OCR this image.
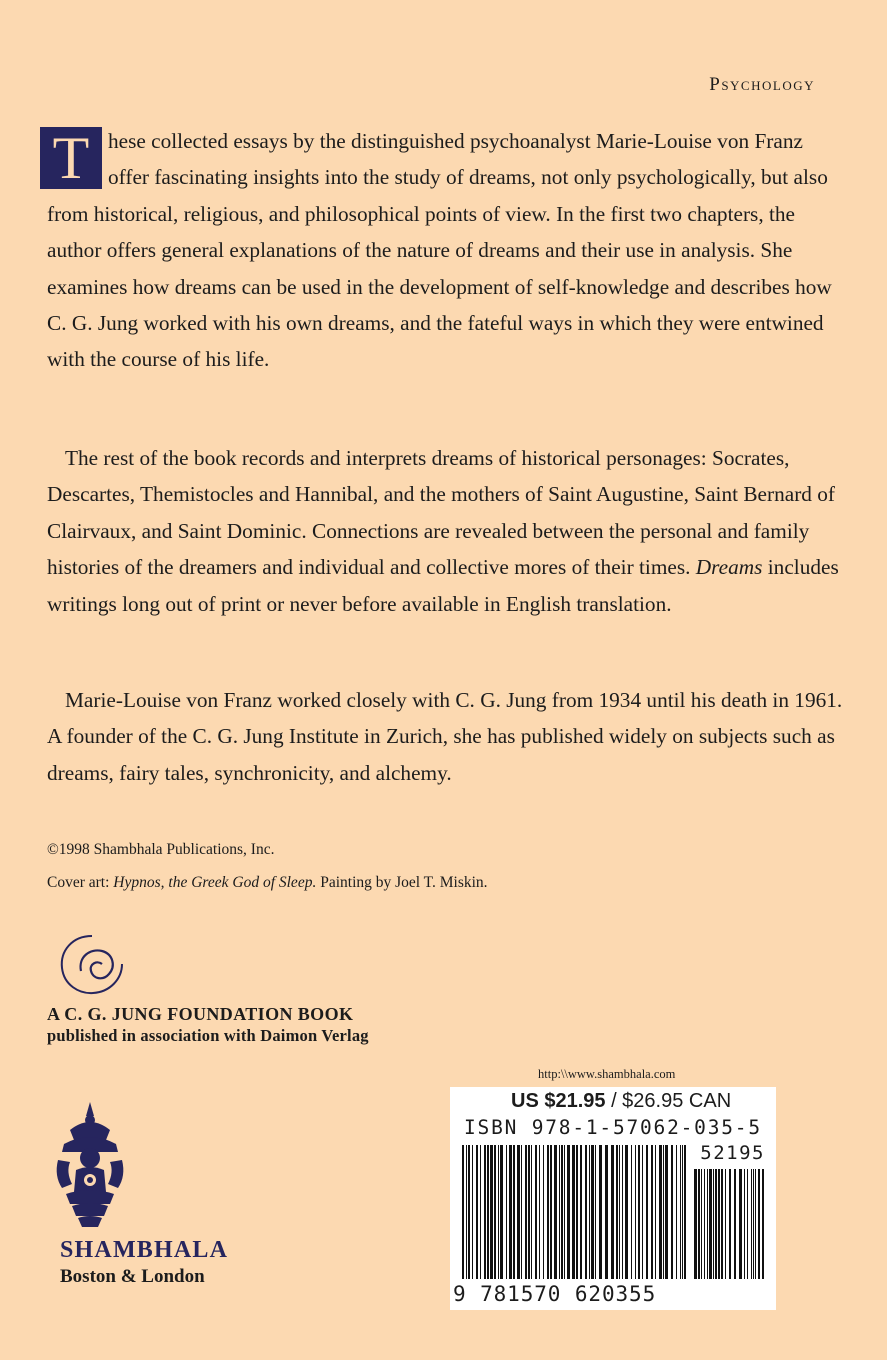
Psychology
T hese collected essays by the distinguished psychoanalyst Marie-Louise von Franz offer fascinating insights into the study of dreams, not only psychologically, but also from historical, religious, and philosophical points of view. In the first two chapters, the author offers general explanations of the nature of dreams and their use in analysis. She examines how dreams can be used in the development of self-knowledge and describes how C. G. Jung worked with his own dreams, and the fateful ways in which they were entwined with the course of his life.
The rest of the book records and interprets dreams of historical personages: Socrates, Descartes, Themistocles and Hannibal, and the mothers of Saint Augustine, Saint Bernard of Clairvaux, and Saint Dominic. Connections are revealed between the personal and family histories of the dreamers and individual and collective mores of their times. Dreams includes writings long out of print or never before available in English translation.
Marie-Louise von Franz worked closely with C. G. Jung from 1934 until his death in 1961. A founder of the C. G. Jung Institute in Zurich, she has published widely on subjects such as dreams, fairy tales, synchronicity, and alchemy.
©1998 Shambhala Publications, Inc.
Cover art: Hypnos, the Greek God of Sleep. Painting by Joel T. Miskin.
A C. G. JUNG FOUNDATION BOOK
published in association with Daimon Verlag
SHAMBHALA
Boston & London
http:\\www.shambhala.com
US $21.95 / $26.95 CAN
ISBN 978-1-57062-035-5
52195
9 781570 620355
